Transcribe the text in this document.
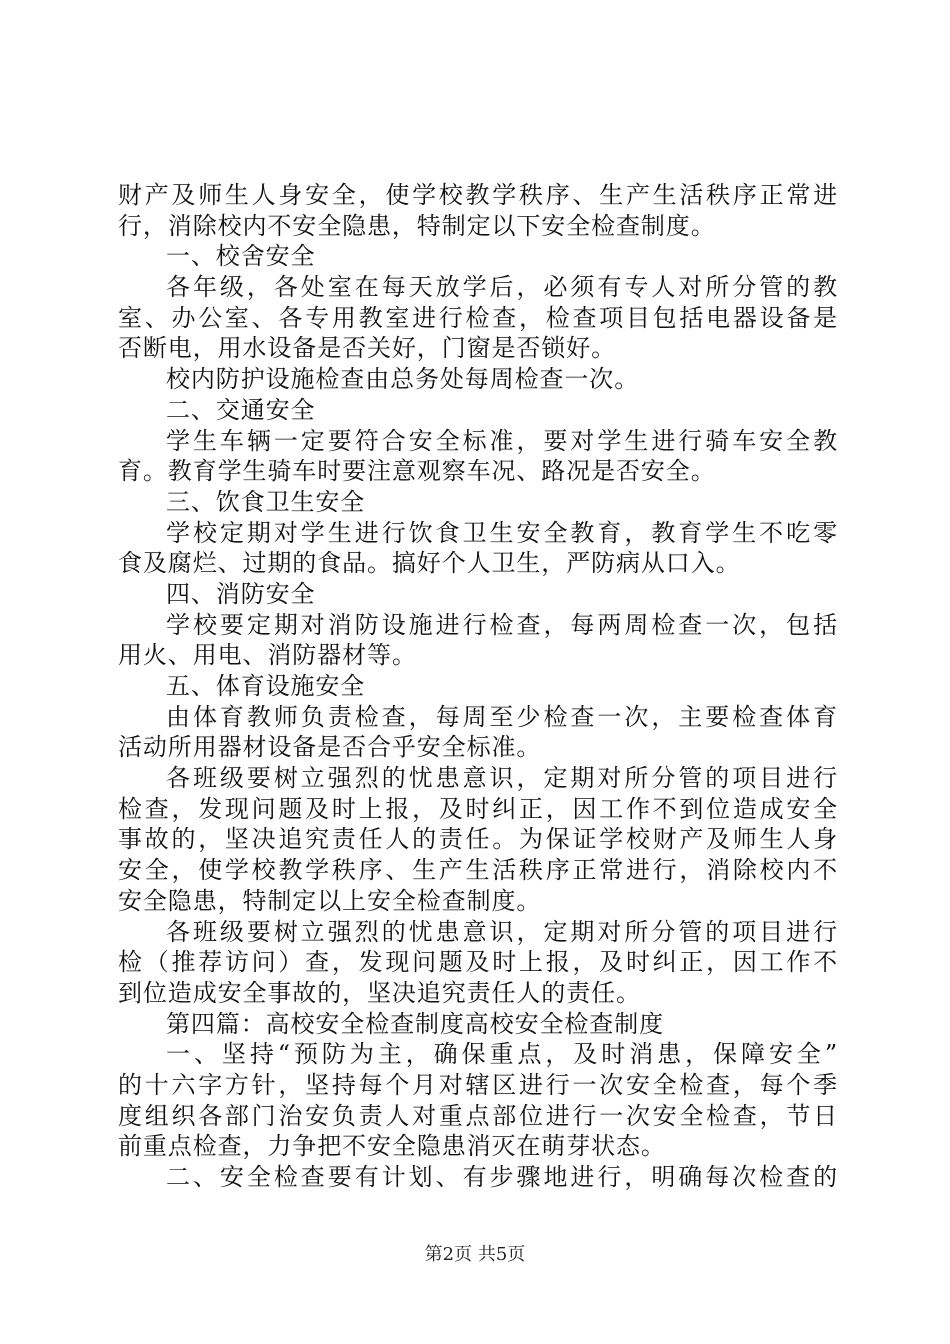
财产及师生人身安全，使学校教学秩序、生产生活秩序正常进
行，消除校内不安全隐患，特制定以下安全检查制度。
一、校舍安全
各年级，各处室在每天放学后，必须有专人对所分管的教
室、办公室、各专用教室进行检查，检查项目包括电器设备是
否断电，用水设备是否关好，门窗是否锁好。
校内防护设施检查由总务处每周检查一次。
二、交通安全
学生车辆一定要符合安全标准，要对学生进行骑车安全教
育。教育学生骑车时要注意观察车况、路况是否安全。
三、饮食卫生安全
学校定期对学生进行饮食卫生安全教育，教育学生不吃零
食及腐烂、过期的食品。搞好个人卫生，严防病从口入。
四、消防安全
学校要定期对消防设施进行检查，每两周检查一次，包括
用火、用电、消防器材等。
五、体育设施安全
由体育教师负责检查，每周至少检查一次，主要检查体育
活动所用器材设备是否合乎安全标准。
各班级要树立强烈的忧患意识，定期对所分管的项目进行
检查，发现问题及时上报，及时纠正，因工作不到位造成安全
事故的，坚决追究责任人的责任。为保证学校财产及师生人身
安全，使学校教学秩序、生产生活秩序正常进行，消除校内不
安全隐患，特制定以上安全检查制度。
各班级要树立强烈的忧患意识，定期对所分管的项目进行
检（推荐访问）查，发现问题及时上报，及时纠正，因工作不
到位造成安全事故的，坚决追究责任人的责任。
第四篇：高校安全检查制度高校安全检查制度
一、坚持“预防为主，确保重点，及时消患，保障安全”
的十六字方针，坚持每个月对辖区进行一次安全检查，每个季
度组织各部门治安负责人对重点部位进行一次安全检查，节日
前重点检查，力争把不安全隐患消灭在萌芽状态。
二、安全检查要有计划、有步骤地进行，明确每次检查的
第2页 共5页
